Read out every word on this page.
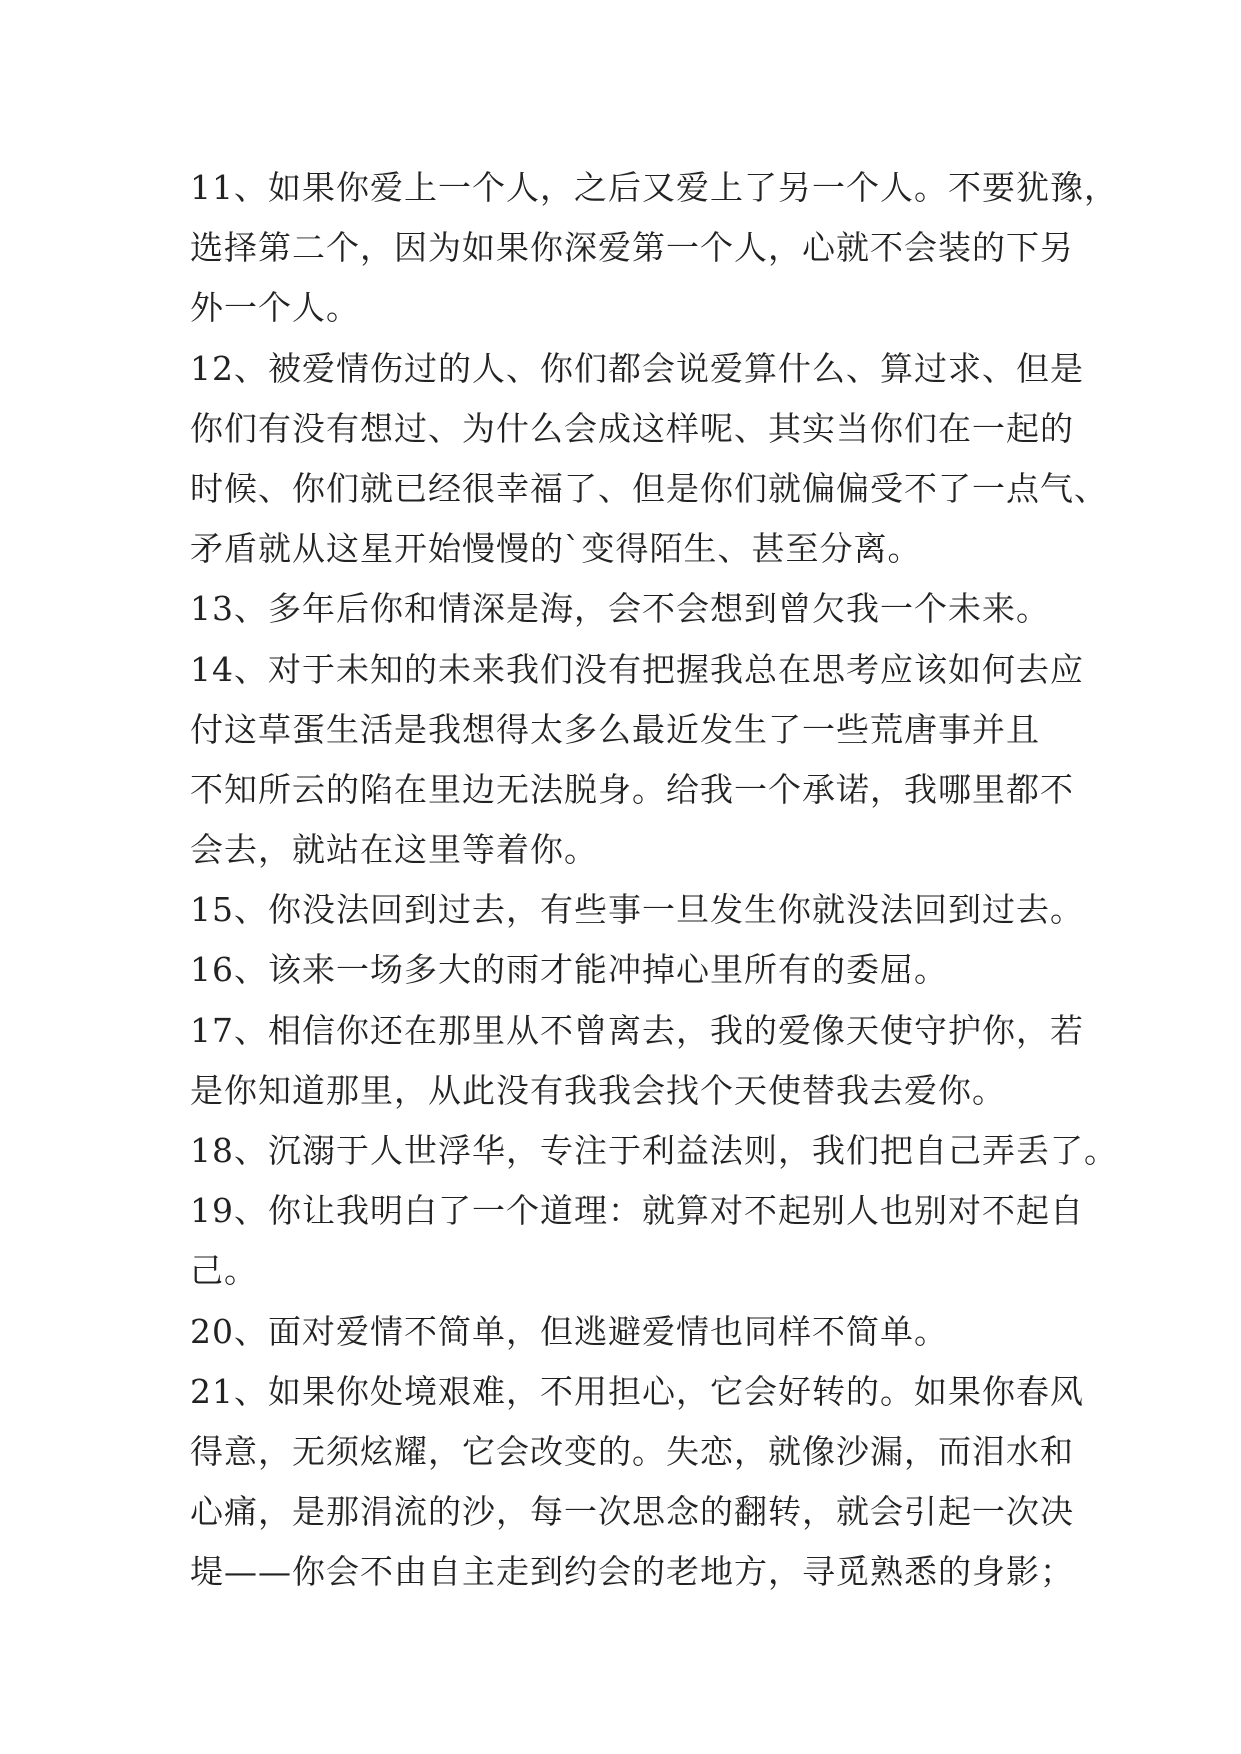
11、如果你爱上一个人，之后又爱上了另一个人。不要犹豫，
选择第二个，因为如果你深爱第一个人，心就不会装的下另
外一个人。
12、被爱情伤过的人、你们都会说爱算什么、算过求、但是
你们有没有想过、为什么会成这样呢、其实当你们在一起的
时候、你们就已经很幸福了、但是你们就偏偏受不了一点气、
矛盾就从这星开始慢慢的`变得陌生、甚至分离。
13、多年后你和情深是海，会不会想到曾欠我一个未来。
14、对于未知的未来我们没有把握我总在思考应该如何去应
付这草蛋生活是我想得太多么最近发生了一些荒唐事并且
不知所云的陷在里边无法脱身。给我一个承诺，我哪里都不
会去，就站在这里等着你。
15、你没法回到过去，有些事一旦发生你就没法回到过去。
16、该来一场多大的雨才能冲掉心里所有的委屈。
17、相信你还在那里从不曾离去，我的爱像天使守护你，若
是你知道那里，从此没有我我会找个天使替我去爱你。
18、沉溺于人世浮华，专注于利益法则，我们把自己弄丢了。
19、你让我明白了一个道理：就算对不起别人也别对不起自
己。
20、面对爱情不简单，但逃避爱情也同样不简单。
21、如果你处境艰难，不用担心，它会好转的。如果你春风
得意，无须炫耀，它会改变的。失恋，就像沙漏，而泪水和
心痛，是那涓流的沙，每一次思念的翻转，就会引起一次决
堤——你会不由自主走到约会的老地方，寻觅熟悉的身影；
